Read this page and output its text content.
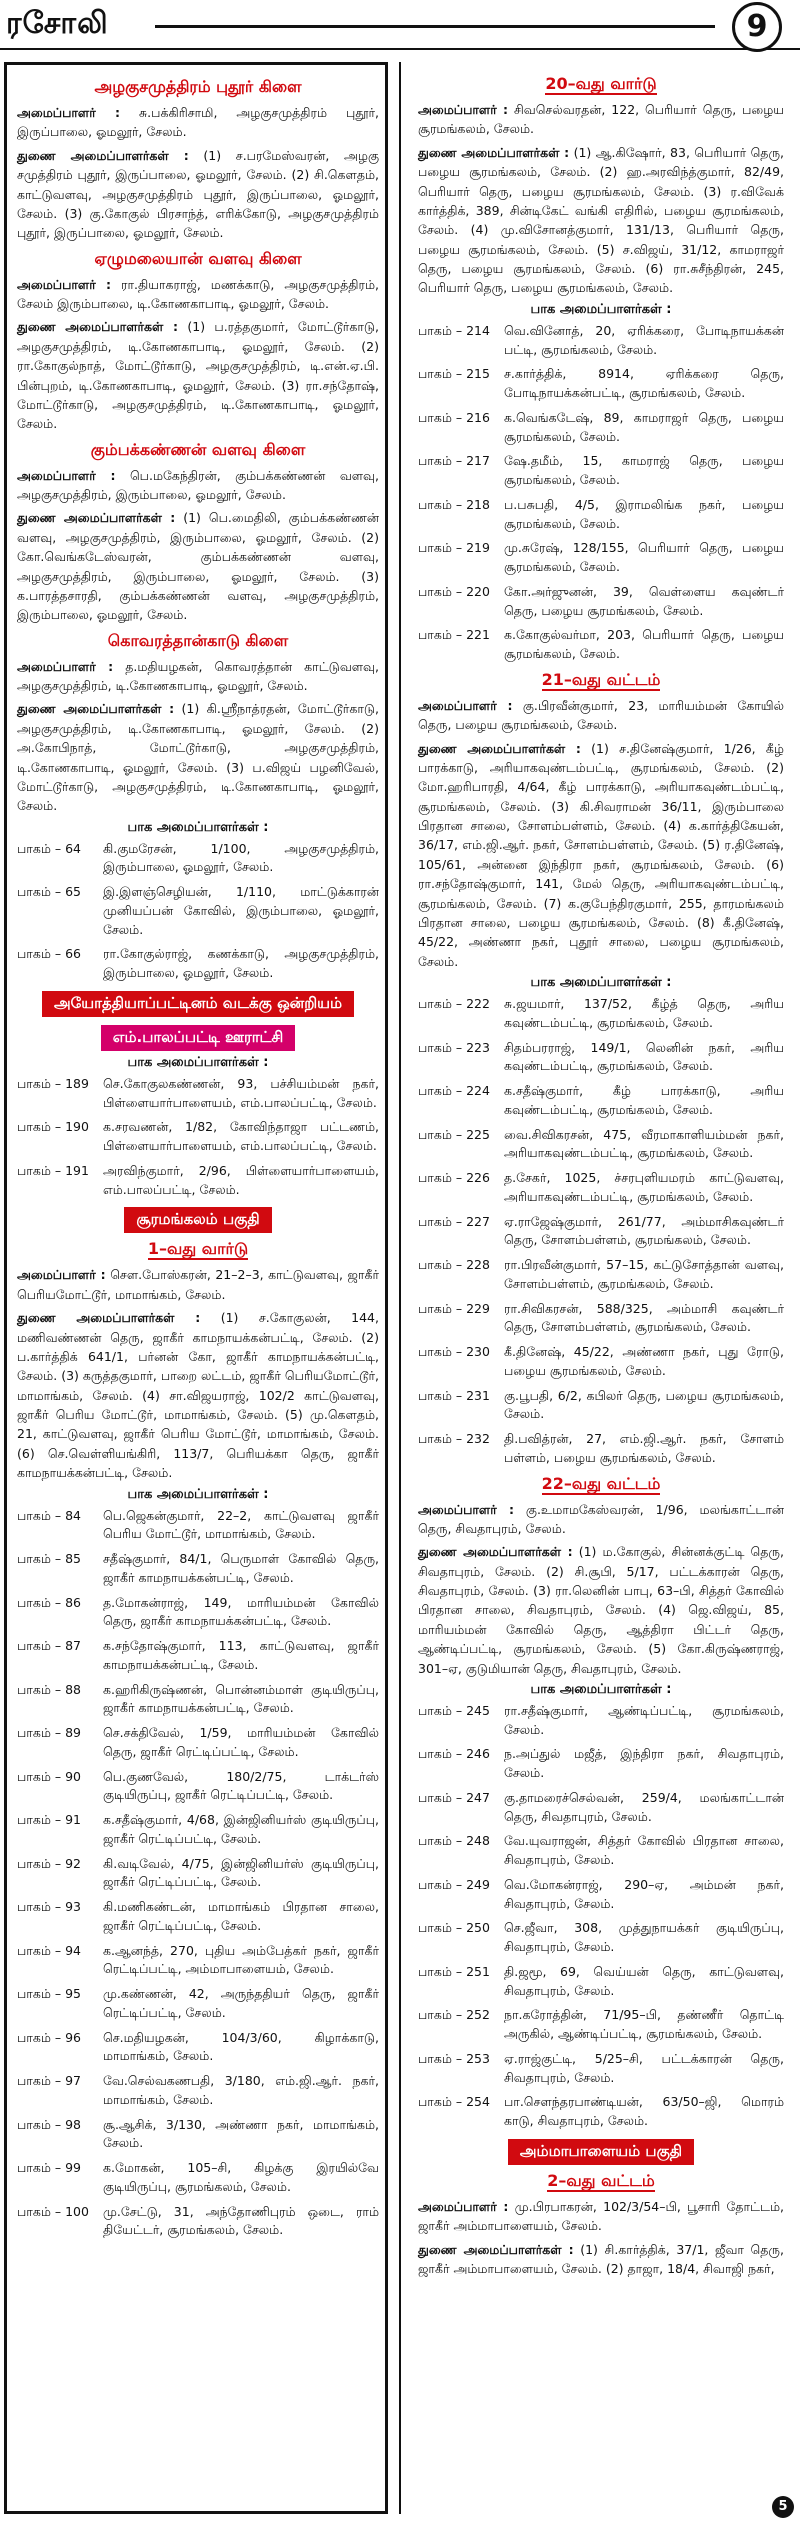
ரசோலி	9
அழகுசமுத்திரம் புதூர் கிளை
அமைப்பாளர் : சு.பக்கிரிசாமி, அழகுசமுத்திரம் புதூர், இருப்பாலை, ஓமலூர், சேலம்.
துணை அமைப்பாளர்கள் : (1) ச.பரமேஸ்வரன், அழகு சமுத்திரம் புதூர், இருப்பாலை, ஓமலூர், சேலம். (2) சி.கௌதம், காட்டுவளவு, அழகுசமுத்திரம் புதூர், இருப்பாலை, ஓமலூர், சேலம். (3) கு.கோகுல் பிரசாந்த், எரிக்கோடு, அழகுசமுத்திரம் புதூர், இருப்பாலை, ஓமலூர், சேலம்.
ஏழுமலையான் வளவு கிளை
அமைப்பாளர் : ரா.தியாகராஜ், மணக்காடு, அழகுசமுத்திரம், சேலம் இரும்பாலை, டி.கோணகாபாடி, ஓமலூர், சேலம்.
துணை அமைப்பாளர்கள் : (1) ப.ரத்தகுமார், மோட்டூர்காடு, அழகுசமுத்திரம், டி.கோணகாபாடி, ஓமலூர், சேலம். (2) ரா.கோகுல்நாத், மோட்டூர்காடு, அழகுசமுத்திரம், டி.என்.ஏ.பி. பின்புறம், டி.கோணகாபாடி, ஓமலூர், சேலம். (3) ரா.சந்தோஷ், மோட்டூர்காடு, அழகுசமுத்திரம், டி.கோணகாபாடி, ஓமலூர், சேலம்.
கும்பக்கண்ணன் வளவு கிளை
அமைப்பாளர் : பெ.மகேந்திரன், கும்பக்கண்ணன் வளவு, அழகுசமுத்திரம், இரும்பாலை, ஓமலூர், சேலம்.
துணை அமைப்பாளர்கள் : (1) பெ.மைதிலி, கும்பக்கண்ணன் வளவு, அழகுசமுத்திரம், இரும்பாலை, ஓமலூர், சேலம். (2) கோ.வெங்கடேஸ்வரன், கும்பக்கண்ணன் வளவு, அழகுசமுத்திரம், இரும்பாலை, ஓமலூர், சேலம். (3) க.பாரத்தசாரதி, கும்பக்கண்ணன் வளவு, அழகுசமுத்திரம், இரும்பாலை, ஓமலூர், சேலம்.
கொவரத்தான்காடு கிளை
அமைப்பாளர் : த.மதியழகன், கொவரத்தான் காட்டுவளவு, அழகுசமுத்திரம், டி.கோணகாபாடி, ஓமலூர், சேலம்.
துணை அமைப்பாளர்கள் : (1) கி.ஸ்ரீநாத்ரதன், மோட்டூர்காடு, அழகுசமுத்திரம், டி.கோணகாபாடி, ஓமலூர், சேலம். (2) அ.கோபிநாத், மோட்டூர்காடு, அழகுசமுத்திரம், டி.கோணகாபாடி, ஓமலூர், சேலம். (3) ப.விஜய் பழனிவேல், மோட்டூர்காடு, அழகுசமுத்திரம், டி.கோணகாபாடி, ஓமலூர், சேலம்.
பாக அமைப்பாளர்கள் :
பாகம் – 64	கி.குமரேசன், 1/100, அழகுசமுத்திரம், இரும்பாலை, ஓமலூர், சேலம்.
பாகம் – 65	இ.இளஞ்செழியன், 1/110, மாட்டுக்காரன் முனியப்பன் கோவில், இரும்பாலை, ஓமலூர், சேலம்.
பாகம் – 66	ரா.கோகுல்ராஜ், கணக்காடு, அழகுசமுத்திரம், இரும்பாலை, ஓமலூர், சேலம்.
அயோத்தியாப்பட்டினம் வடக்கு ஒன்றியம்
எம்.பாலப்பட்டி ஊராட்சி
பாக அமைப்பாளர்கள் :
பாகம் – 189	செ.கோகுலகண்ணன், 93, பச்சியம்மன் நகர், பிள்ளையார்பாளையம், எம்.பாலப்பட்டி, சேலம்.
பாகம் – 190	க.சரவணன், 1/82, கோவிந்தாஜா பட்டணம், பிள்ளையார்பாளையம், எம்.பாலப்பட்டி, சேலம்.
பாகம் – 191	அரவிந்குமார், 2/96, பிள்ளையார்பாளையம், எம்.பாலப்பட்டி, சேலம்.
சூரமங்கலம் பகுதி
1–வது வார்டு
அமைப்பாளர் : சௌ.போஸ்கரன், 21–2–3, காட்டுவளவு, ஜாகீர் பெரியமோட்டூர், மாமாங்கம், சேலம்.
துணை அமைப்பாளர்கள் : (1) ச.கோகுலன், 144, மணிவண்ணன் தெரு, ஜாகீர் காமநாயக்கன்பட்டி, சேலம். (2) ப.கார்த்திக் 641/1, பர்னன் கோ, ஜாகீர் காமநாயக்கன்பட்டி, சேலம். (3) கருத்தகுமார், பாறை லட்டம், ஜாகீர் பெரியமோட்டூர், மாமாங்கம், சேலம். (4) சா.விஜயராஜ், 102/2 காட்டுவளவு, ஜாகீர் பெரிய மோட்டூர், மாமாங்கம், சேலம். (5) மு.கௌதம், 21, காட்டுவளவு, ஜாகீர் பெரிய மோட்டூர், மாமாங்கம், சேலம். (6) செ.வெள்ளியங்கிரி, 113/7, பெரியக்கா தெரு, ஜாகீர் காமநாயக்கன்பட்டி, சேலம்.
பாக அமைப்பாளர்கள் :
பாகம் – 84	பெ.ஜெகன்குமார், 22–2, காட்டுவளவு ஜாகீர் பெரிய மோட்டூர், மாமாங்கம், சேலம்.
பாகம் – 85	சதீஷ்குமார், 84/1, பெருமாள் கோவில் தெரு, ஜாகீர் காமநாயக்கன்பட்டி, சேலம்.
பாகம் – 86	த.மோகன்ராஜ், 149, மாரியம்மன் கோவில் தெரு, ஜாகீர் காமநாயக்கன்பட்டி, சேலம்.
பாகம் – 87	க.சந்தோஷ்குமார், 113, காட்டுவளவு, ஜாகீர் காமநாயக்கன்பட்டி, சேலம்.
பாகம் – 88	க.ஹரிகிருஷ்ணன், பொன்னம்மாள் குடியிருப்பு, ஜாகீர் காமநாயக்கன்பட்டி, சேலம்.
பாகம் – 89	செ.சக்திவேல், 1/59, மாரியம்மன் கோவில் தெரு, ஜாகீர் ரெட்டிப்பட்டி, சேலம்.
பாகம் – 90	பெ.குணவேல், 180/2/75, டாக்டர்ஸ் குடியிருப்பு, ஜாகீர் ரெட்டிப்பட்டி, சேலம்.
பாகம் – 91	க.சதீஷ்குமார், 4/68, இன்ஜினியர்ஸ் குடியிருப்பு, ஜாகீர் ரெட்டிப்பட்டி, சேலம்.
பாகம் – 92	கி.வடிவேல், 4/75, இன்ஜினியர்ஸ் குடியிருப்பு, ஜாகீர் ரெட்டிப்பட்டி, சேலம்.
பாகம் – 93	கி.மணிகண்டன், மாமாங்கம் பிரதான சாலை, ஜாகீர் ரெட்டிப்பட்டி, சேலம்.
பாகம் – 94	க.ஆனந்த், 270, புதிய அம்பேத்கர் நகர், ஜாகீர் ரெட்டிப்பட்டி, அம்மாபாளையம், சேலம்.
பாகம் – 95	மு.கண்ணன், 42, அருந்ததியர் தெரு, ஜாகீர் ரெட்டிப்பட்டி, சேலம்.
பாகம் – 96	செ.மதியழகன், 104/3/60, கிழாக்காடு, மாமாங்கம், சேலம்.
பாகம் – 97	வே.செல்வகணபதி, 3/180, எம்.ஜி.ஆர். நகர், மாமாங்கம், சேலம்.
பாகம் – 98	சூ.ஆசிக், 3/130, அண்ணா நகர், மாமாங்கம், சேலம்.
பாகம் – 99	க.மோகன், 105–சி, கிழக்கு இரயில்வே குடியிருப்பு, சூரமங்கலம், சேலம்.
பாகம் – 100	மு.சேட்டு, 31, அந்தோணிபுரம் ஒடை, ராம் தியேட்டர், சூரமங்கலம், சேலம்.
20–வது வார்டு
அமைப்பாளர் : சிவசெல்வரதன், 122, பெரியார் தெரு, பழைய சூரமங்கலம், சேலம்.
துணை அமைப்பாளர்கள் : (1) ஆ.கிஷோர், 83, பெரியார் தெரு, பழைய சூரமங்கலம், சேலம். (2) ஹ.அரவிந்த்குமார், 82/49, பெரியார் தெரு, பழைய சூரமங்கலம், சேலம். (3) ர.விவேக் கார்த்திக், 389, சின்டிகேட் வங்கி எதிரில், பழைய சூரமங்கலம், சேலம். (4) மு.விசோனத்குமார், 131/13, பெரியார் தெரு, பழைய சூரமங்கலம், சேலம். (5) ச.விஜய், 31/12, காமராஜர் தெரு, பழைய சூரமங்கலம், சேலம். (6) ரா.சுசீந்திரன், 245, பெரியார் தெரு, பழைய சூரமங்கலம், சேலம்.
பாக அமைப்பாளர்கள் :
பாகம் – 214	வெ.வினோத், 20, ஏரிக்கரை, போடிநாயக்கன் பட்டி, சூரமங்கலம், சேலம்.
பாகம் – 215	ச.கார்த்திக், 8914, ஏரிக்கரை தெரு, போடிநாயக்கன்பட்டி, சூரமங்கலம், சேலம்.
பாகம் – 216	க.வெங்கடேஷ், 89, காமராஜர் தெரு, பழைய சூரமங்கலம், சேலம்.
பாகம் – 217	ஷே.தமீம், 15, காமராஜ் தெரு, பழைய சூரமங்கலம், சேலம்.
பாகம் – 218	ப.பசுபதி, 4/5, இராமலிங்க நகர், பழைய சூரமங்கலம், சேலம்.
பாகம் – 219	மு.சுரேஷ், 128/155, பெரியார் தெரு, பழைய சூரமங்கலம், சேலம்.
பாகம் – 220	கோ.அர்ஜுனன், 39, வெள்ளைய கவுண்டர் தெரு, பழைய சூரமங்கலம், சேலம்.
பாகம் – 221	க.கோகுல்வர்மா, 203, பெரியார் தெரு, பழைய சூரமங்கலம், சேலம்.
21–வது வட்டம்
அமைப்பாளர் : கு.பிரவீன்குமார், 23, மாரியம்மன் கோயில் தெரு, பழைய சூரமங்கலம், சேலம்.
துணை அமைப்பாளர்கள் : (1) ச.தினேஷ்குமார், 1/26, கீழ் பாரக்காடு, அரியாகவுண்டம்பட்டி, சூரமங்கலம், சேலம். (2) மோ.ஹரிபாரதி, 4/64, கீழ் பாரக்காடு, அரியாகவுண்டம்பட்டி, சூரமங்கலம், சேலம். (3) கி.சிவராமன் 36/11, இரும்பாலை பிரதான சாலை, சோளம்பள்ளம், சேலம். (4) க.கார்த்திகேயன், 36/17, எம்.ஜி.ஆர். நகர், சோளம்பள்ளம், சேலம். (5) ர.தினேஷ், 105/61, அன்னை இந்திரா நகர், சூரமங்கலம், சேலம். (6) ரா.சந்தோஷ்குமார், 141, மேல் தெரு, அரியாகவுண்டம்பட்டி, சூரமங்கலம், சேலம். (7) க.குபேந்திரகுமார், 255, தாரமங்கலம் பிரதான சாலை, பழைய சூரமங்கலம், சேலம். (8) கீ.தினேஷ், 45/22, அண்ணா நகர், புதூர் சாலை, பழைய சூரமங்கலம், சேலம்.
பாக அமைப்பாளர்கள் :
பாகம் – 222	சு.ஜயமார், 137/52, கீழ்த் தெரு, அரிய கவுண்டம்பட்டி, சூரமங்கலம், சேலம்.
பாகம் – 223	சிதம்பரராஜ், 149/1, லெனின் நகர், அரிய கவுண்டம்பட்டி, சூரமங்கலம், சேலம்.
பாகம் – 224	க.சதீஷ்குமார், கீழ் பாரக்காடு, அரிய கவுண்டம்பட்டி, சூரமங்கலம், சேலம்.
பாகம் – 225	வை.சிவிகரசன், 475, வீரமாகாளியம்மன் நகர், அரியாகவுண்டம்பட்டி, சூரமங்கலம், சேலம்.
பாகம் – 226	த.சேகர், 1025, ச்சரபுளியமரம் காட்டுவளவு, அரியாகவுண்டம்பட்டி, சூரமங்கலம், சேலம்.
பாகம் – 227	ஏ.ராஜேஷ்குமார், 261/77, அம்மாசிகவுண்டர் தெரு, சோளம்பள்ளம், சூரமங்கலம், சேலம்.
பாகம் – 228	ரா.பிரவீன்குமார், 57–15, கட்டுசோத்தான் வளவு, சோளம்பள்ளம், சூரமங்கலம், சேலம்.
பாகம் – 229	ரா.சிவிகரசன், 588/325, அம்மாசி கவுண்டர் தெரு, சோளம்பள்ளம், சூரமங்கலம், சேலம்.
பாகம் – 230	கீ.தினேஷ், 45/22, அண்ணா நகர், புது ரோடு, பழைய சூரமங்கலம், சேலம்.
பாகம் – 231	கு.பூபதி, 6/2, கபிலர் தெரு, பழைய சூரமங்கலம், சேலம்.
பாகம் – 232	தி.பவித்ரன், 27, எம்.ஜி.ஆர். நகர், சோளம் பள்ளம், பழைய சூரமங்கலம், சேலம்.
22–வது வட்டம்
அமைப்பாளர் : கு.உமாமகேஸ்வரன், 1/96, மலங்காட்டான் தெரு, சிவதாபுரம், சேலம்.
துணை அமைப்பாளர்கள் : (1) ம.கோகுல், சின்னக்குட்டி தெரு, சிவதாபுரம், சேலம். (2) சி.சூபி, 5/17, பட்டக்காரன் தெரு, சிவதாபுரம், சேலம். (3) ரா.லெனின் பாபு, 63–பி, சித்தர் கோவில் பிரதான சாலை, சிவதாபுரம், சேலம். (4) ஜெ.விஜய், 85, மாரியம்மன் கோவில் தெரு, ஆத்திரா பிட்டர் தெரு, ஆண்டிப்பட்டி, சூரமங்கலம், சேலம். (5) கோ.கிருஷ்ணராஜ், 301–ஏ, குடுமியான் தெரு, சிவதாபுரம், சேலம்.
பாக அமைப்பாளர்கள் :
பாகம் – 245	ரா.சதீஷ்குமார், ஆண்டிப்பட்டி, சூரமங்கலம், சேலம்.
பாகம் – 246	ந.அப்துல் மஜீத், இந்திரா நகர், சிவதாபுரம், சேலம்.
பாகம் – 247	கு.தாமரைச்செல்வன், 259/4, மலங்காட்டான் தெரு, சிவதாபுரம், சேலம்.
பாகம் – 248	வே.யுவராஜன், சித்தர் கோவில் பிரதான சாலை, சிவதாபுரம், சேலம்.
பாகம் – 249	வெ.மோகன்ராஜ், 290–ஏ, அம்மன் நகர், சிவதாபுரம், சேலம்.
பாகம் – 250	செ.ஜீவா, 308, முத்துநாயக்கர் குடியிருப்பு, சிவதாபுரம், சேலம்.
பாகம் – 251	தி.ஜமூ, 69, வெய்யன் தெரு, காட்டுவளவு, சிவதாபுரம், சேலம்.
பாகம் – 252	நா.கரோத்தின், 71/95–பி, தண்ணீர் தொட்டி அருகில், ஆண்டிப்பட்டி, சூரமங்கலம், சேலம்.
பாகம் – 253	ஏ.ராஜ்குட்டி, 5/25–சி, பட்டக்காரன் தெரு, சிவதாபுரம், சேலம்.
பாகம் – 254	பா.சௌந்தரபாண்டியன், 63/50–ஜி, மொரம் காடு, சிவதாபுரம், சேலம்.
அம்மாபாளையம் பகுதி
2–வது வட்டம்
அமைப்பாளர் : மு.பிரபாகரன், 102/3/54–பி, பூசாரி தோட்டம், ஜாகீர் அம்மாபாளையம், சேலம்.
துணை அமைப்பாளர்கள் : (1) சி.கார்த்திக், 37/1, ஜீவா தெரு, ஜாகீர் அம்மாபாளையம், சேலம். (2) தாஜா, 18/4, சிவாஜி நகர்,
5
